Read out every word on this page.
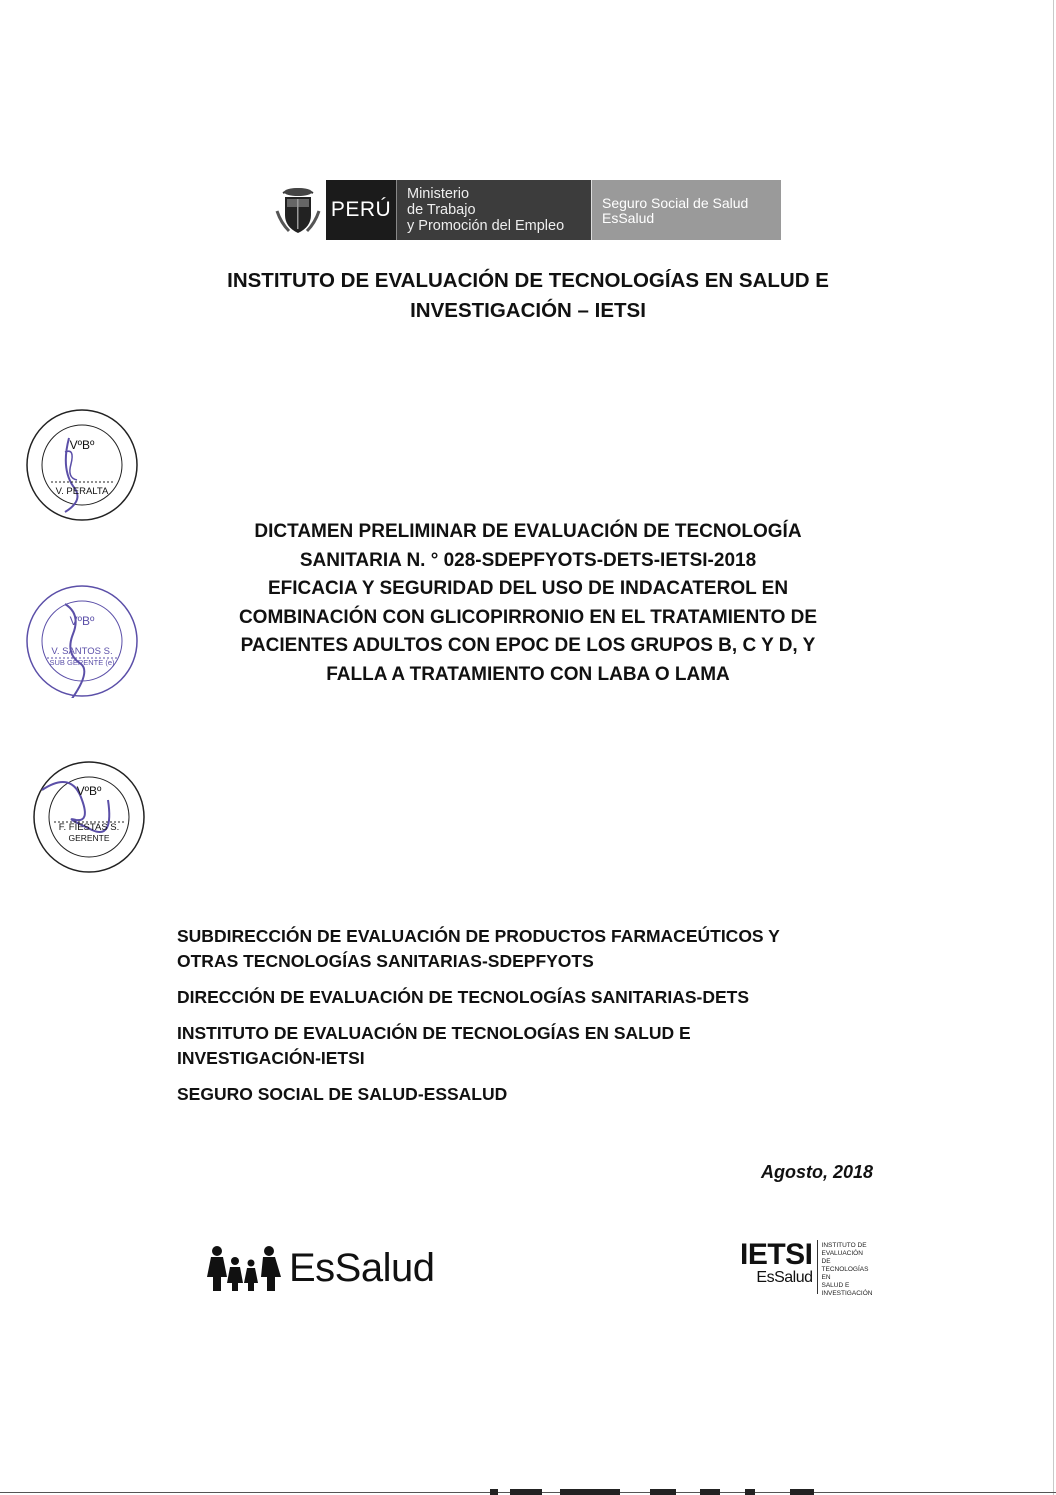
PERÚ
Ministerio
de Trabajo
y Promoción del Empleo
Seguro Social de Salud
EsSalud
INSTITUTO DE EVALUACIÓN DE TECNOLOGÍAS EN SALUD E
INVESTIGACIÓN – IETSI
VºBº
V. PERALTA
VºBº
V. SANTOS S.
SUB GERENTE (e)
VºBº
F. FIESTAS S.
GERENTE
DICTAMEN PRELIMINAR DE EVALUACIÓN DE TECNOLOGÍA
SANITARIA N. ° 028-SDEPFYOTS-DETS-IETSI-2018
EFICACIA Y SEGURIDAD DEL USO DE INDACATEROL EN
COMBINACIÓN CON GLICOPIRRONIO EN EL TRATAMIENTO DE
PACIENTES ADULTOS CON EPOC DE LOS GRUPOS B, C Y D, Y
FALLA A TRATAMIENTO CON LABA O LAMA

SUBDIRECCIÓN DE EVALUACIÓN DE PRODUCTOS FARMACEÚTICOS Y
OTRAS TECNOLOGÍAS SANITARIAS-SDEPFYOTS

DIRECCIÓN DE EVALUACIÓN DE TECNOLOGÍAS SANITARIAS-DETS

INSTITUTO DE EVALUACIÓN DE TECNOLOGÍAS EN SALUD E
INVESTIGACIÓN-IETSI

SEGURO SOCIAL DE SALUD-ESSALUD

Agosto, 2018
EsSalud	IETSI
EsSalud
INSTITUTO DE
EVALUACIÓN DE
TECNOLOGÍAS EN
SALUD E
INVESTIGACIÓN
